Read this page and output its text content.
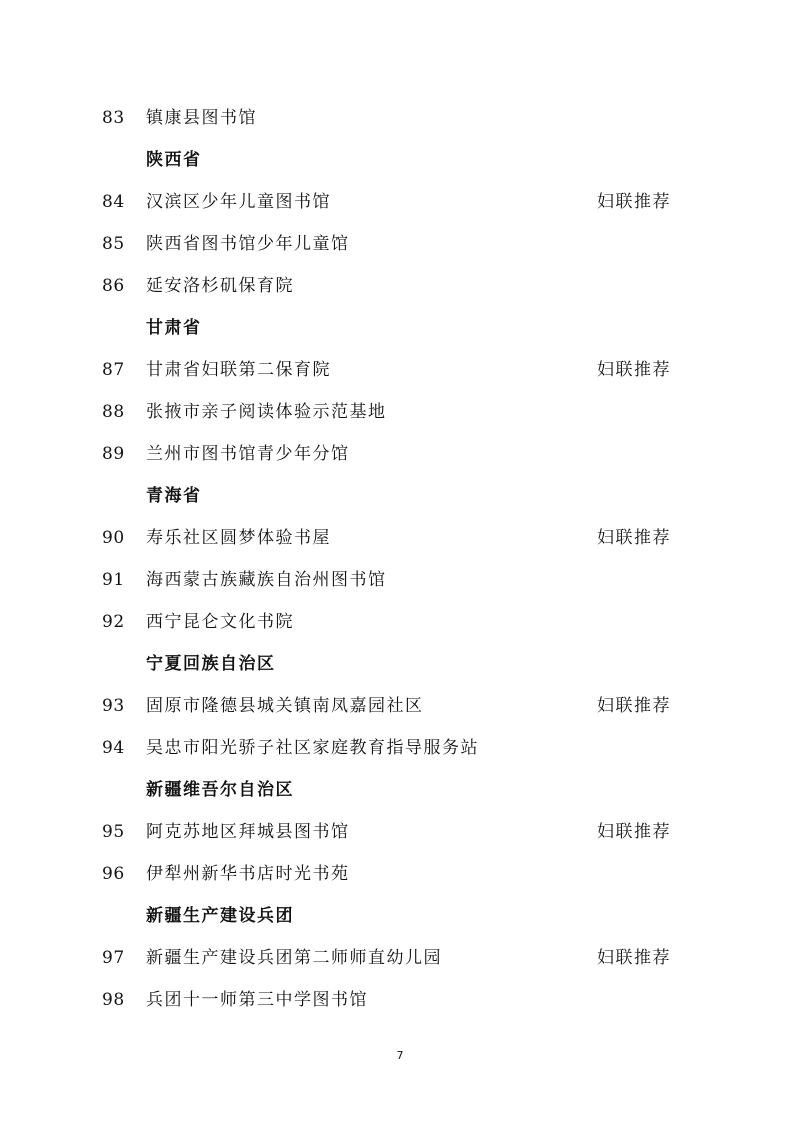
83 镇康县图书馆
陕西省
84 汉滨区少年儿童图书馆	妇联推荐
85 陕西省图书馆少年儿童馆
86 延安洛杉矶保育院
甘肃省
87 甘肃省妇联第二保育院	妇联推荐
88 张掖市亲子阅读体验示范基地
89 兰州市图书馆青少年分馆
青海省
90 寿乐社区圆梦体验书屋	妇联推荐
91 海西蒙古族藏族自治州图书馆
92 西宁昆仑文化书院
宁夏回族自治区
93 固原市隆德县城关镇南凤嘉园社区	妇联推荐
94 吴忠市阳光骄子社区家庭教育指导服务站
新疆维吾尔自治区
95 阿克苏地区拜城县图书馆	妇联推荐
96 伊犁州新华书店时光书苑
新疆生产建设兵团
97 新疆生产建设兵团第二师师直幼儿园	妇联推荐
98 兵团十一师第三中学图书馆
7
